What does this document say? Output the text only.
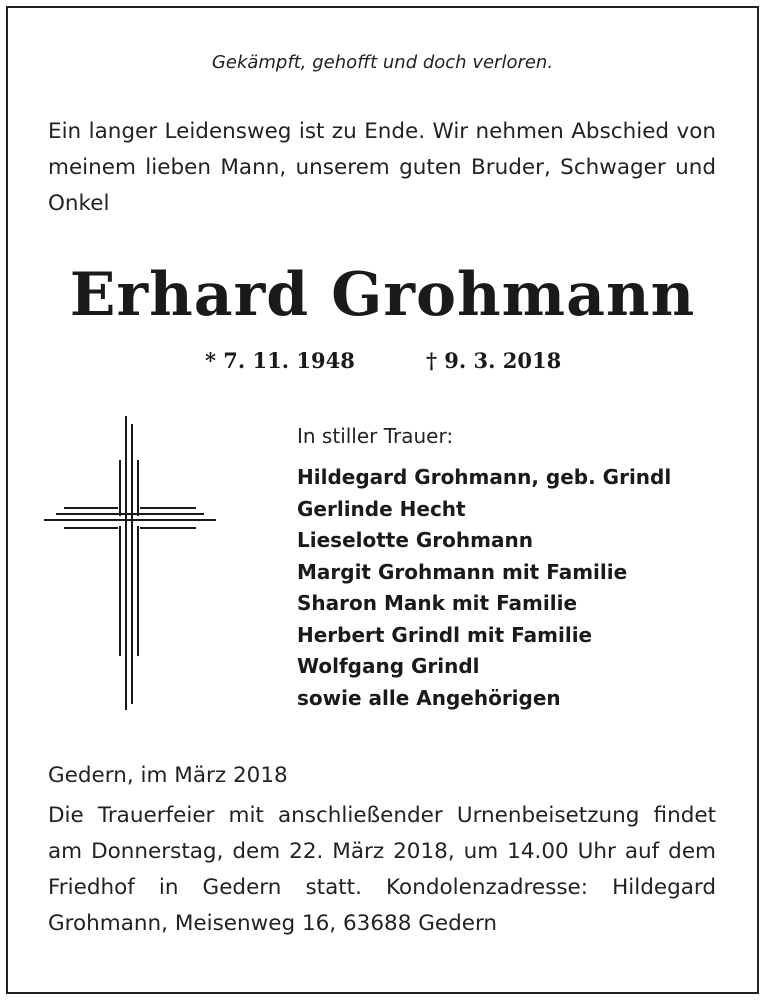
Gekämpft, gehofft und doch verloren.
Ein langer Leidensweg ist zu Ende. Wir nehmen Abschied von meinem lieben Mann, unserem guten Bruder, Schwager und Onkel
Erhard Grohmann
* 7. 11. 1948	† 9. 3. 2018
In stiller Trauer:
Hildegard Grohmann, geb. Grindl
Gerlinde Hecht
Lieselotte Grohmann
Margit Grohmann mit Familie
Sharon Mank mit Familie
Herbert Grindl mit Familie
Wolfgang Grindl
sowie alle Angehörigen
Gedern, im März 2018
Die Trauerfeier mit anschließender Urnenbeisetzung findet am Donnerstag, dem 22. März 2018, um 14.00 Uhr auf dem Friedhof in Gedern statt. Kondolenzadresse: Hildegard Grohmann, Meisenweg 16, 63688 Gedern
